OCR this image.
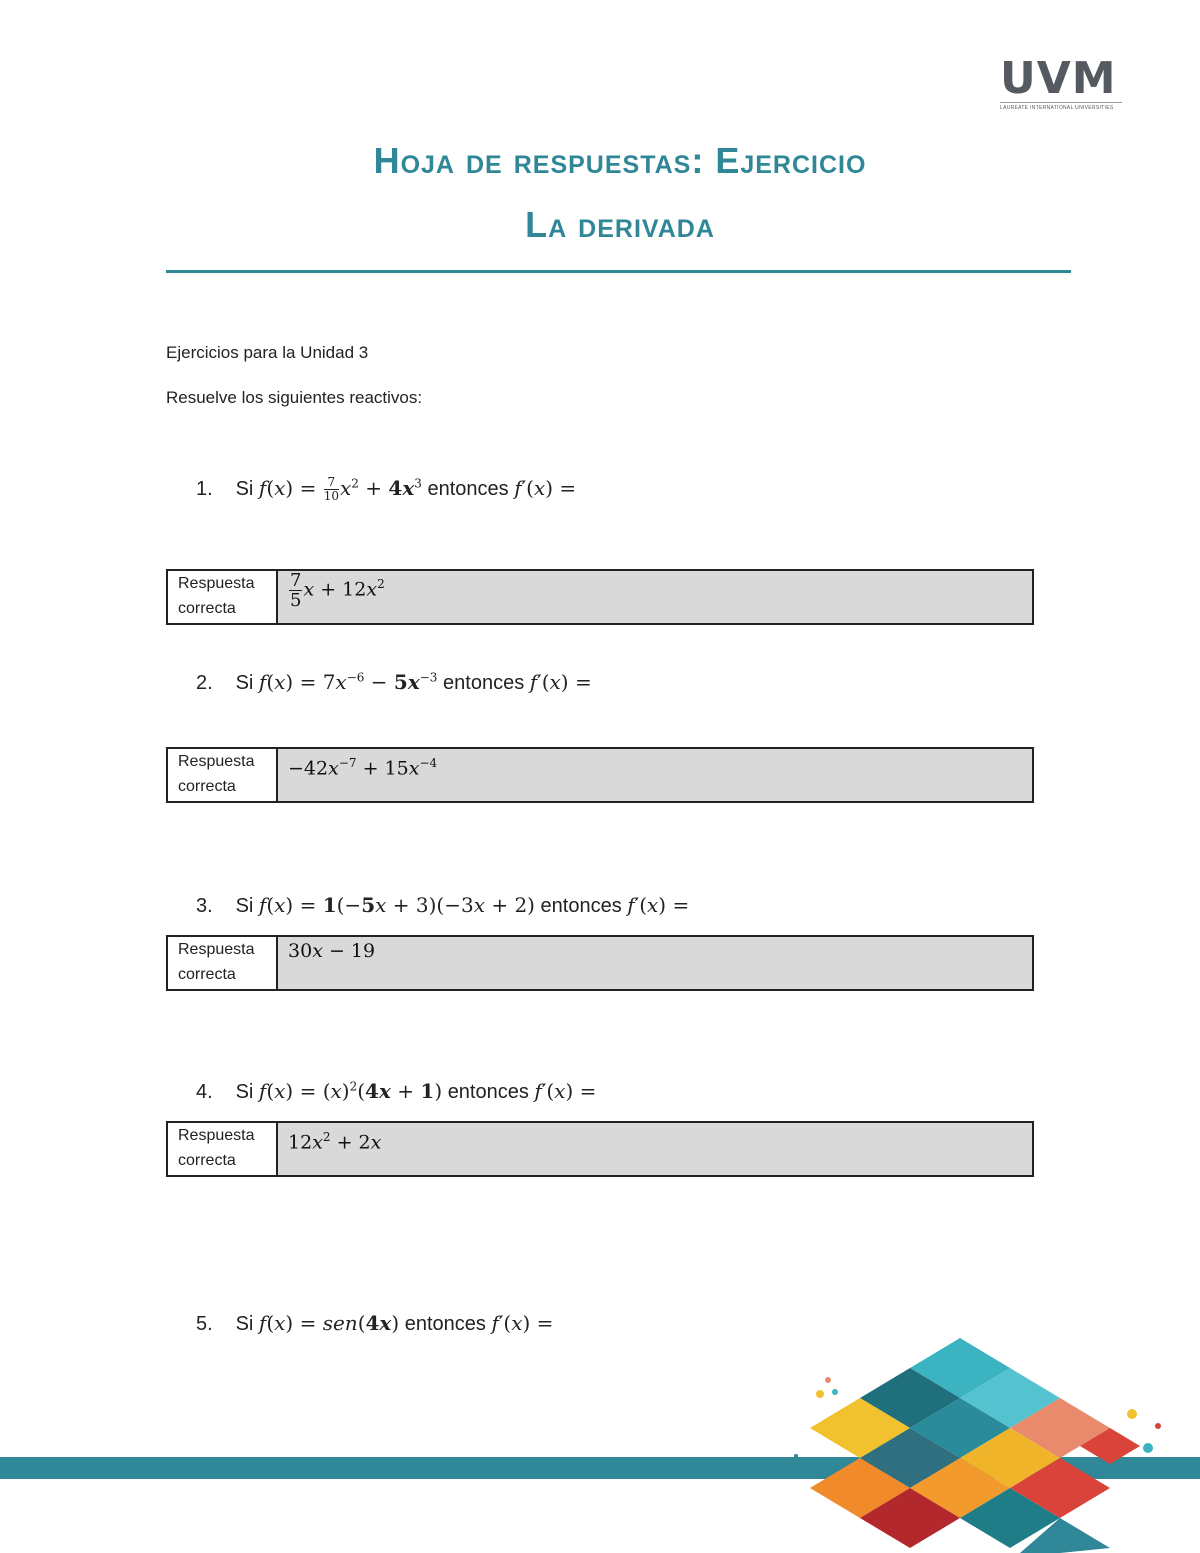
UVM
LAUREATE INTERNATIONAL UNIVERSITIES
Hoja de respuestas: Ejercicio
La derivada
Ejercicios para la Unidad 3
Resuelve los siguientes reactivos:
1. Si $f(x) = \frac{7}{10} x^2 + 4x^3$ entonces f′(x) =
Respuesta
correcta	$\frac{7}{5}$ $x + 12x^2$
2. Si $f(x) = 7x^{-6} - 5x^{-3}$ entonces f′(x) =
Respuesta
correcta
$-42x^{-7} + 15x^{-4}$
3. Si f(x) = 1(−5x + 3)(−3x + 2) entonces f′(x) =
Respuesta
correcta
30x − 19
4. Si $f(x) = (x)^2(4x + 1)$ entonces f′(x) =
Respuesta
correcta
$12x^2 + 2x$
5. Si f(x) = sen(4x) entonces f′(x) =
